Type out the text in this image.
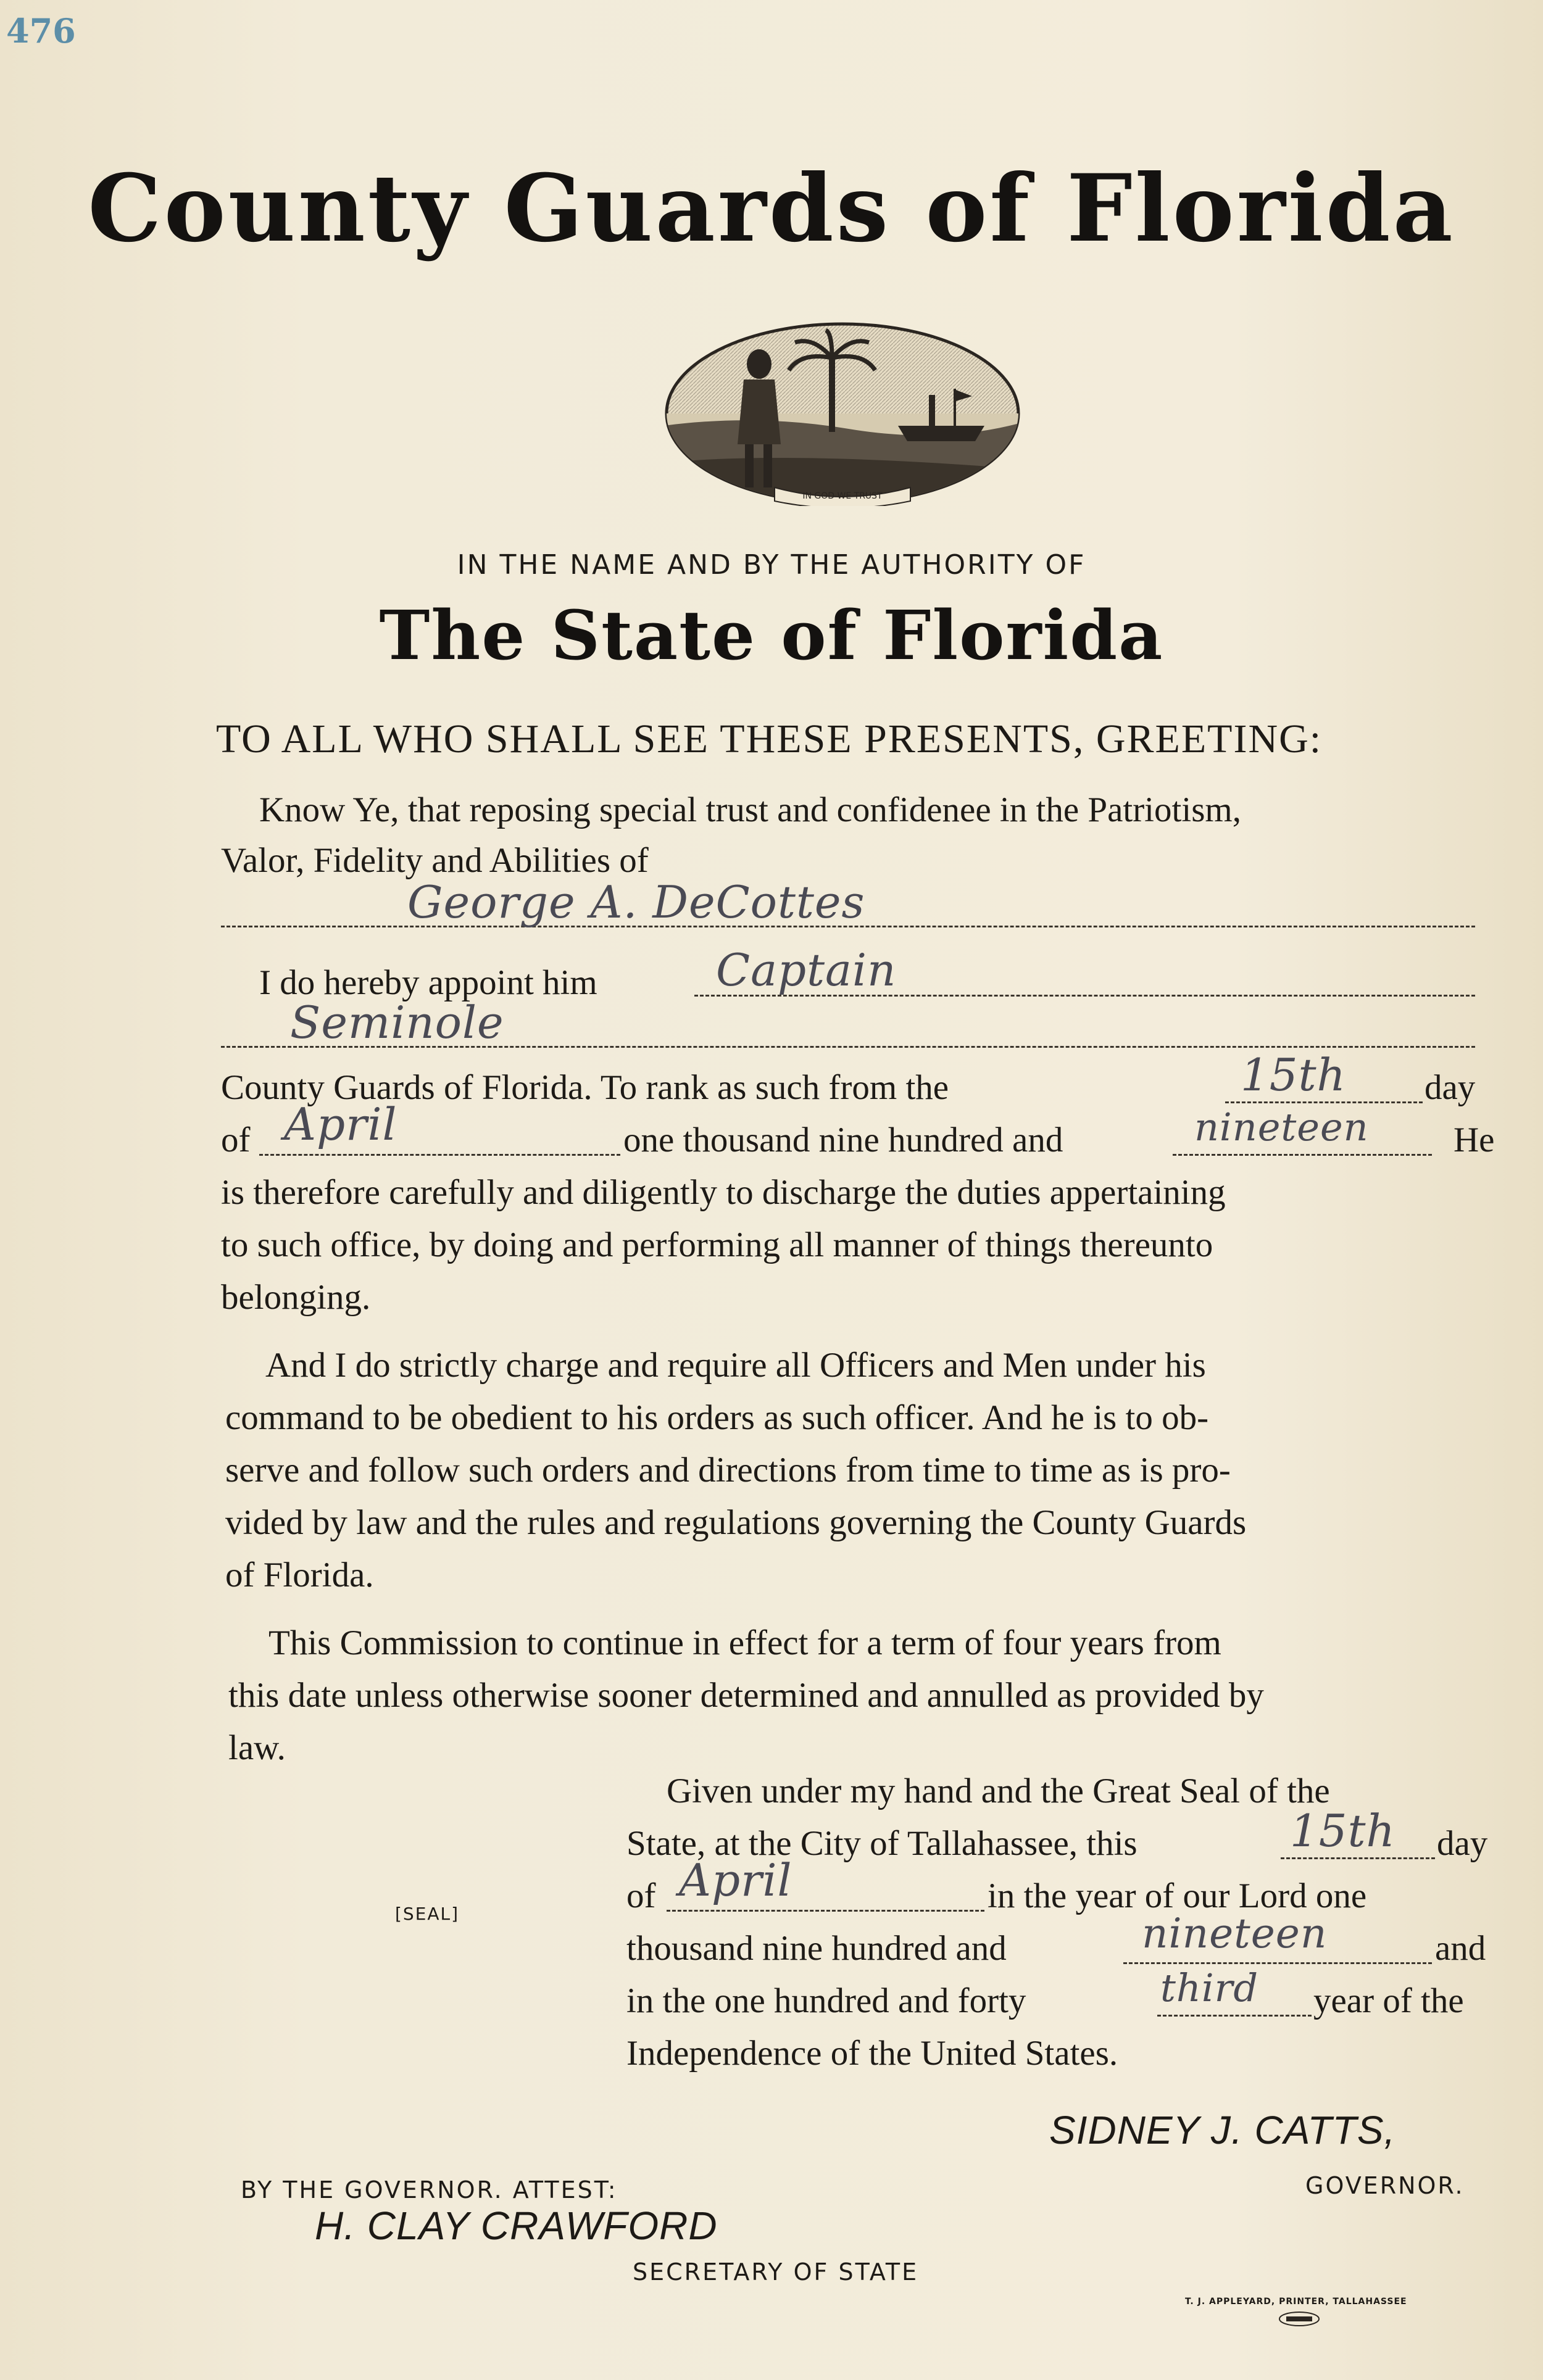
476
County Guards of Florida
IN GOD WE TRUST
IN THE NAME AND BY THE AUTHORITY OF
The State of Florida
TO ALL WHO SHALL SEE THESE PRESENTS, GREETING:
Know Ye, that reposing special trust and confidenee in the Patriotism,
Valor, Fidelity and Abilities of
George A. DeCottes
I do hereby appoint him	Captain
Seminole
County Guards of Florida. To rank as such from the	15th day
of April	one thousand nine hundred and	nineteen He
is therefore carefully and diligently to discharge the duties appertaining
to such office, by doing and performing all manner of things thereunto
belonging.
And I do strictly charge and require all Officers and Men under his
command to be obedient to his orders as such officer. And he is to ob-
serve and follow such orders and directions from time to time as is pro-
vided by law and the rules and regulations governing the County Guards
of Florida.
This Commission to continue in effect for a term of four years from
this date unless otherwise sooner determined and annulled as provided by
law.
Given under my hand and the Great Seal of the
State, at the City of Tallahassee, this	15th day
[SEAL]	of April	in the year of our Lord one
thousand nine hundred and	nineteen	and
in the one hundred and forty	third year of the
Independence of the United States.
SIDNEY J. CATTS,
GOVERNOR.
BY THE GOVERNOR. ATTEST:
H. CLAY CRAWFORD
SECRETARY OF STATE
T. J. APPLEYARD, PRINTER, TALLAHASSEE
